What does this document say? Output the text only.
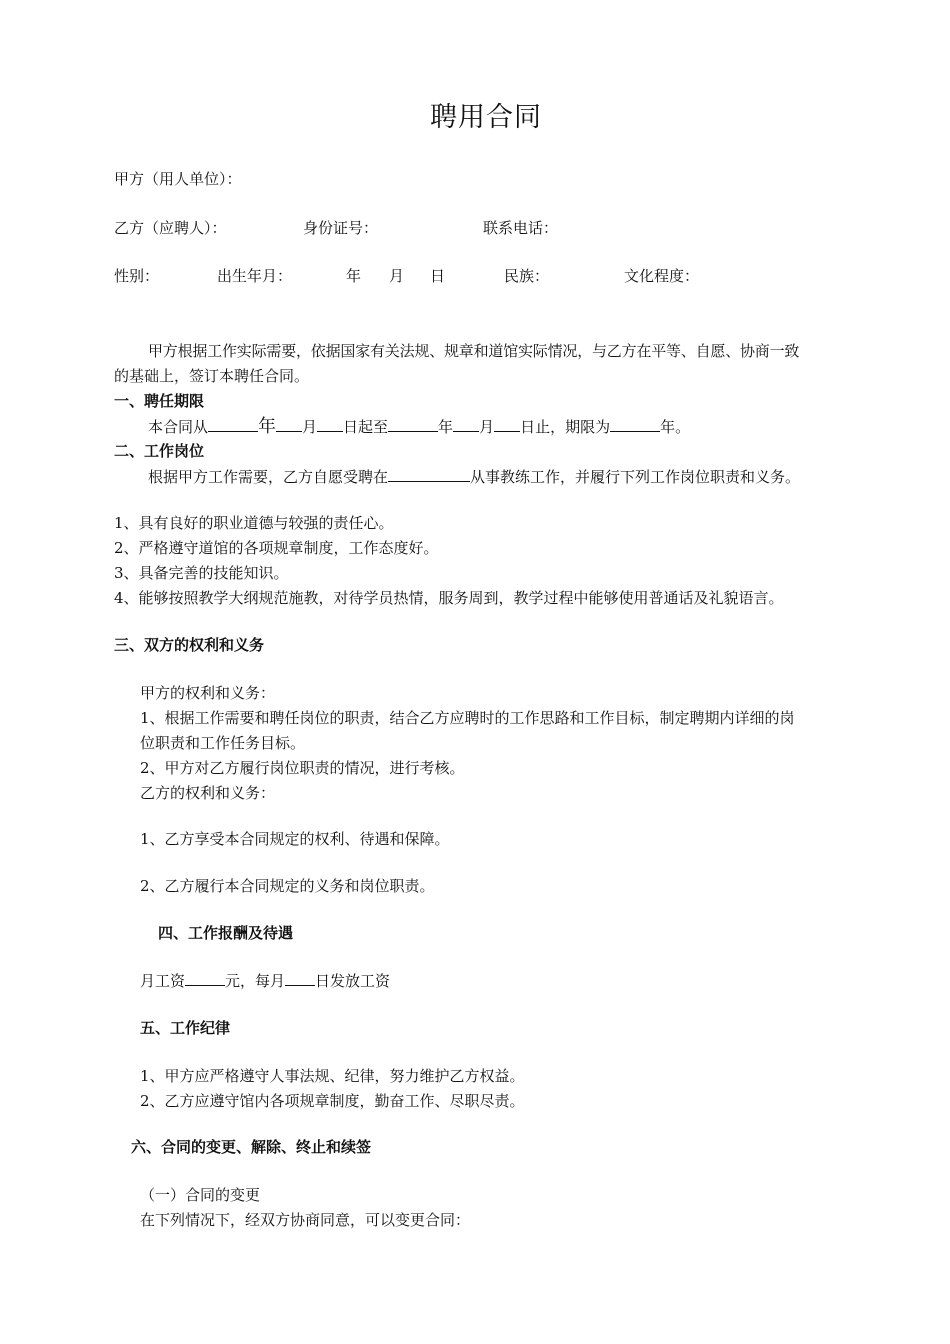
聘用合同
甲方（用人单位）：
乙方（应聘人）：	身份证号：	联系电话：
性别：	出生年月：	年 月 日	民族：	文化程度：
甲方根据工作实际需要，依据国家有关法规、规章和道馆实际情况，与乙方在平等、自愿、协商一致
的基础上，签订本聘任合同。
一、聘任期限
本合同从	年 月 日起至	年 月 日止，期限为	年。
二、工作岗位
根据甲方工作需要，乙方自愿受聘在	从事教练工作，并履行下列工作岗位职责和义务。
1、具有良好的职业道德与较强的责任心。
2、严格遵守道馆的各项规章制度，工作态度好。
3、具备完善的技能知识。
4、能够按照教学大纲规范施教，对待学员热情，服务周到，教学过程中能够使用普通话及礼貌语言。
三、双方的权利和义务
甲方的权利和义务：
1、根据工作需要和聘任岗位的职责，结合乙方应聘时的工作思路和工作目标，制定聘期内详细的岗
位职责和工作任务目标。
2、甲方对乙方履行岗位职责的情况，进行考核。
乙方的权利和义务：
1、乙方享受本合同规定的权利、待遇和保障。
2、乙方履行本合同规定的义务和岗位职责。
四、工作报酬及待遇
月工资	元，每月 日发放工资
五、工作纪律
1、甲方应严格遵守人事法规、纪律，努力维护乙方权益。
2、乙方应遵守馆内各项规章制度，勤奋工作、尽职尽责。
六、合同的变更、解除、终止和续签
（一）合同的变更
在下列情况下，经双方协商同意，可以变更合同：
